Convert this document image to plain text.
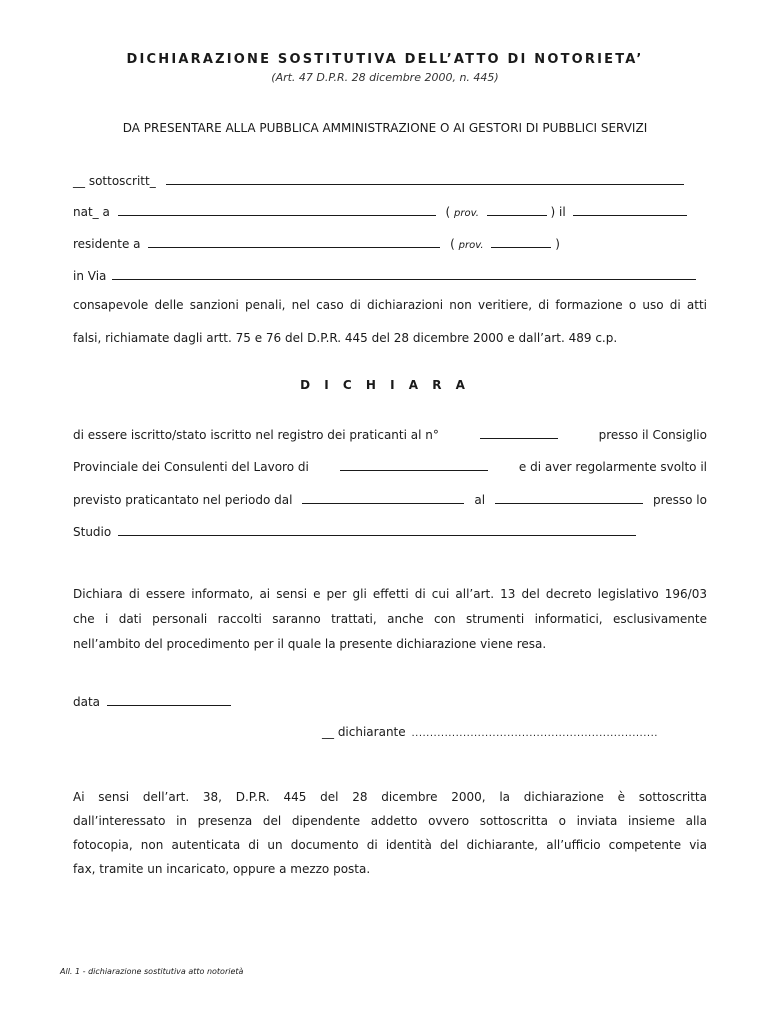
DICHIARAZIONE SOSTITUTIVA DELL’ATTO DI NOTORIETA’
(Art. 47 D.P.R. 28 dicembre 2000, n. 445)
DA PRESENTARE ALLA PUBBLICA AMMINISTRAZIONE O AI GESTORI DI PUBBLICI SERVIZI
__ sottoscritt_
nat_ a	( prov.	) il
residente a	( prov.	)
in Via
consapevole delle sanzioni penali, nel caso di dichiarazioni non veritiere, di formazione o uso di atti
falsi, richiamate dagli artt. 75 e 76 del D.P.R. 445 del 28 dicembre 2000 e dall’art. 489 c.p.
D I C H I A R A
di essere iscritto/stato iscritto nel registro dei praticanti al n°	presso il Consiglio
Provinciale dei Consulenti del Lavoro di	e di aver regolarmente svolto il
previsto praticantato nel periodo dal	al	presso lo
Studio
Dichiara di essere informato, ai sensi e per gli effetti di cui all’art. 13 del decreto legislativo 196/03
che i dati personali raccolti saranno trattati, anche con strumenti informatici, esclusivamente
nell’ambito del procedimento per il quale la presente dichiarazione viene resa.
data
__ dichiarante ...................................................................
Ai sensi dell’art. 38, D.P.R. 445 del 28 dicembre 2000, la dichiarazione è sottoscritta
dall’interessato in presenza del dipendente addetto ovvero sottoscritta o inviata insieme alla
fotocopia, non autenticata di un documento di identità del dichiarante, all’ufficio competente via
fax, tramite un incaricato, oppure a mezzo posta.
All. 1 - dichiarazione sostitutiva atto notorietà
